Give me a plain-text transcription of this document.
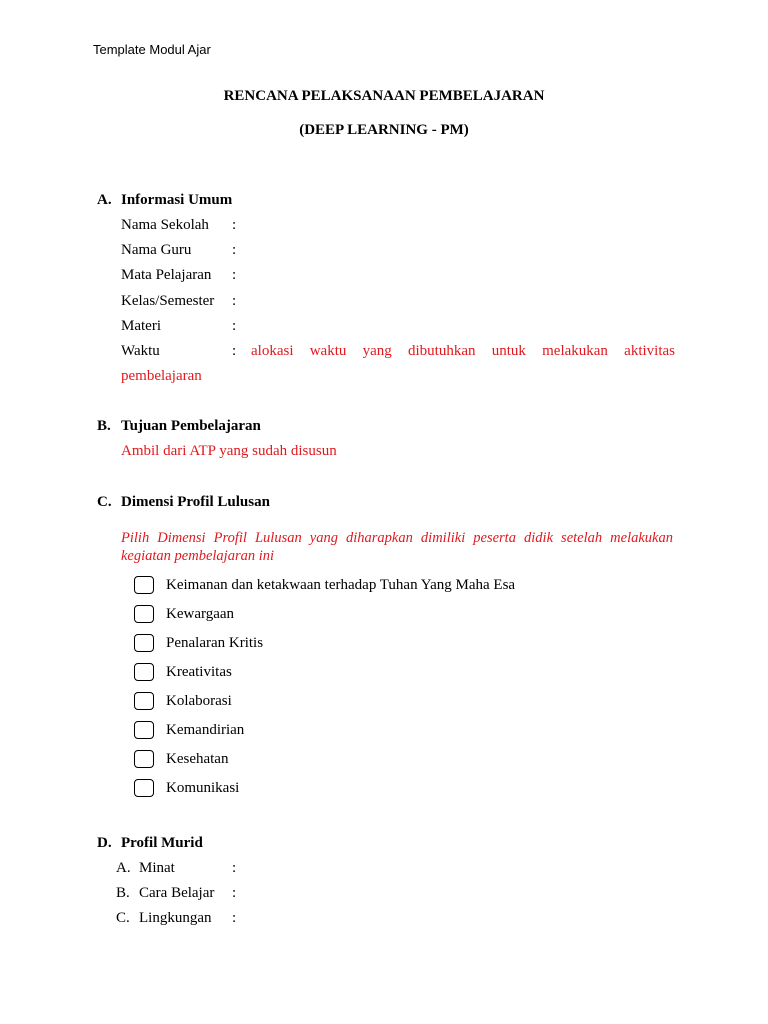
Template Modul Ajar
RENCANA PELAKSANAAN PEMBELAJARAN
(DEEP LEARNING - PM)
A. Informasi Umum
Nama Sekolah :
Nama Guru	:
Mata Pelajaran :
Kelas/Semester :
Materi	:
Waktu	: alokasi waktu yang dibutuhkan untuk melakukan aktivitas
pembelajaran
B. Tujuan Pembelajaran
Ambil dari ATP yang sudah disusun
C. Dimensi Profil Lulusan
Pilih Dimensi Profil Lulusan yang diharapkan dimiliki peserta didik setelah melakukan kegiatan pembelajaran ini
Keimanan dan ketakwaan terhadap Tuhan Yang Maha Esa
Kewargaan
Penalaran Kritis
Kreativitas
Kolaborasi
Kemandirian
Kesehatan
Komunikasi
D. Profil Murid
A. Minat	:
B. Cara Belajar :
C. Lingkungan :
